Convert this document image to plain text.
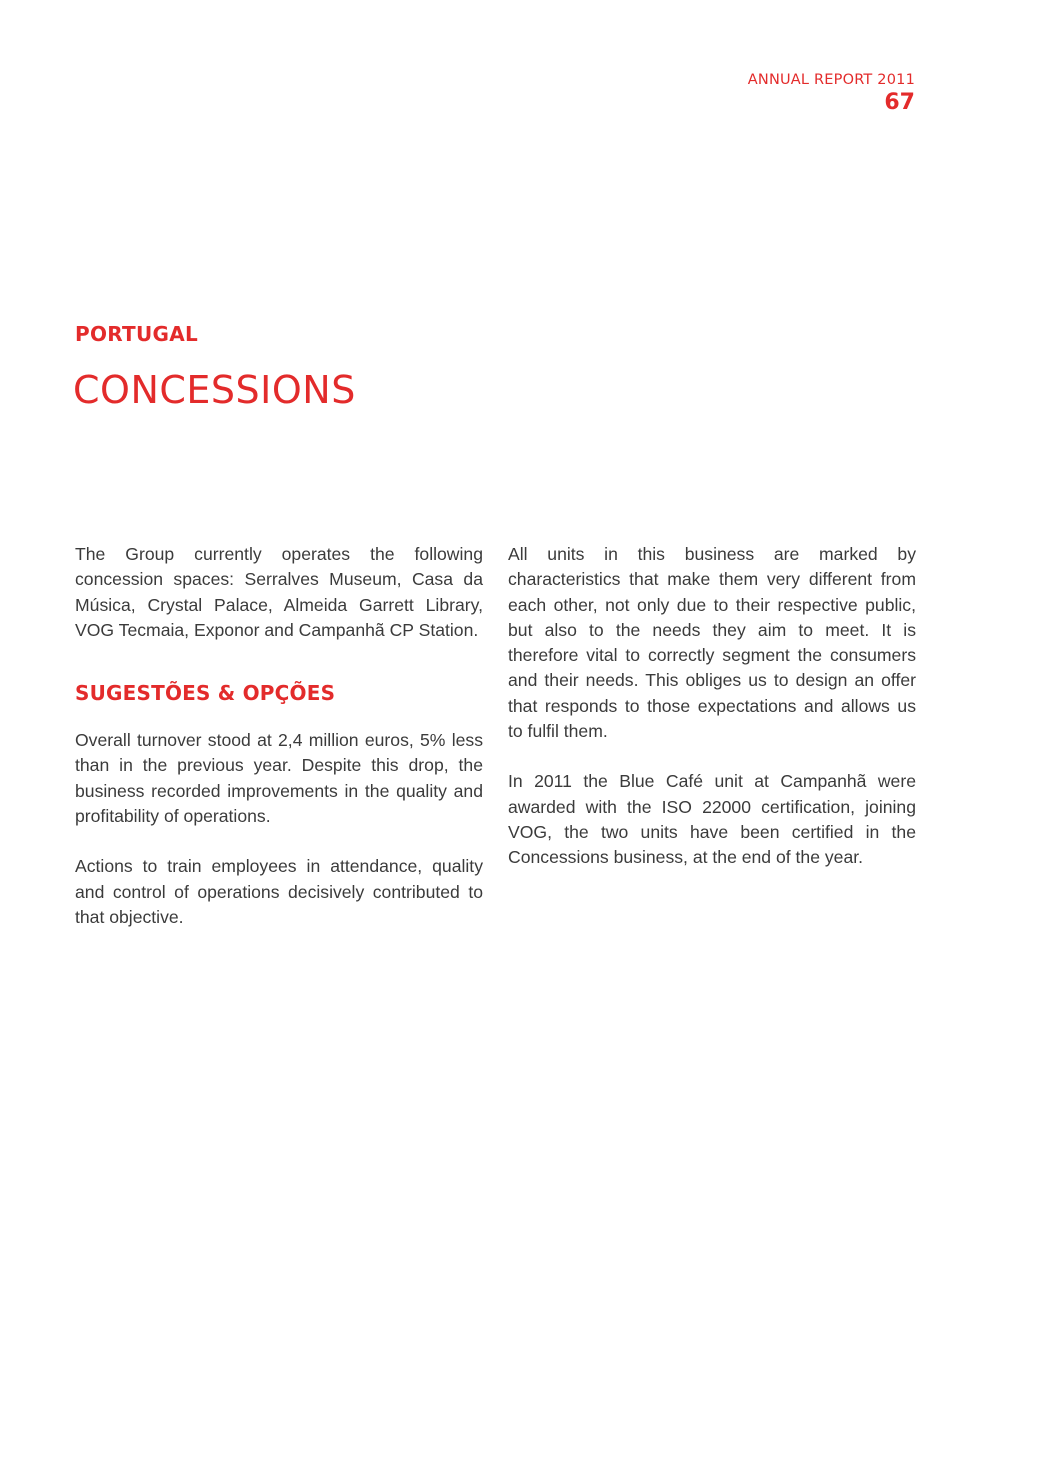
ANNUAL REPORT 2011
67
PORTUGAL
CONCESSIONS

The Group currently operates the following concession spaces: Serralves Museum, Casa da Música, Crystal Palace, Almeida Garrett Library, VOG Tecmaia, Exponor and Campanhã CP Station.

SUGESTÕES & OPÇÕES

Overall turnover stood at 2,4 million euros, 5% less than in the previous year. Despite this drop, the business recorded improvements in the quality and profitability of operations.

Actions to train employees in attendance, quality and control of operations decisively contributed to that objective.

All units in this business are marked by characteristics that make them very different from each other, not only due to their respective public, but also to the needs they aim to meet. It is therefore vital to correctly segment the consumers and their needs. This obliges us to design an offer that responds to those expectations and allows us to fulfil them.

In 2011 the Blue Café unit at Campanhã were awarded with the ISO 22000 certification, joining VOG, the two units have been certified in the Concessions business, at the end of the year.
